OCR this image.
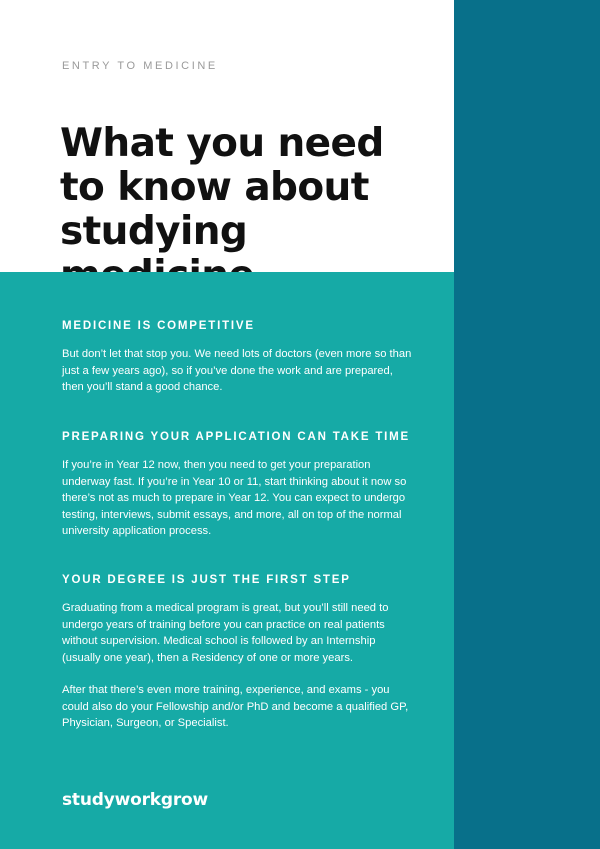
ENTRY TO MEDICINE
What you need to know about studying
MEDICINE IS COMPETITIVE

But don’t let that stop you. We need lots of doctors (even more so than just a few years ago), so if you’ve done the work and are prepared, then you’ll stand a good chance.

PREPARING YOUR APPLICATION CAN TAKE TIME

If you’re in Year 12 now, then you need to get your preparation underway fast. If you’re in Year 10 or 11, start thinking about it now so there’s not as much to prepare in Year 12. You can expect to undergo testing, interviews, submit essays, and more, all on top of the normal university application process.

YOUR DEGREE IS JUST THE FIRST STEP

Graduating from a medical program is great, but you’ll still need to undergo years of training before you can practice on real patients without supervision. Medical school is followed by an Internship (usually one year), then a Residency of one or more years.

After that there’s even more training, experience, and exams - you could also do your Fellowship and/or PhD and become a qualified GP, Physician, Surgeon, or Specialist.

studyworkgrow
